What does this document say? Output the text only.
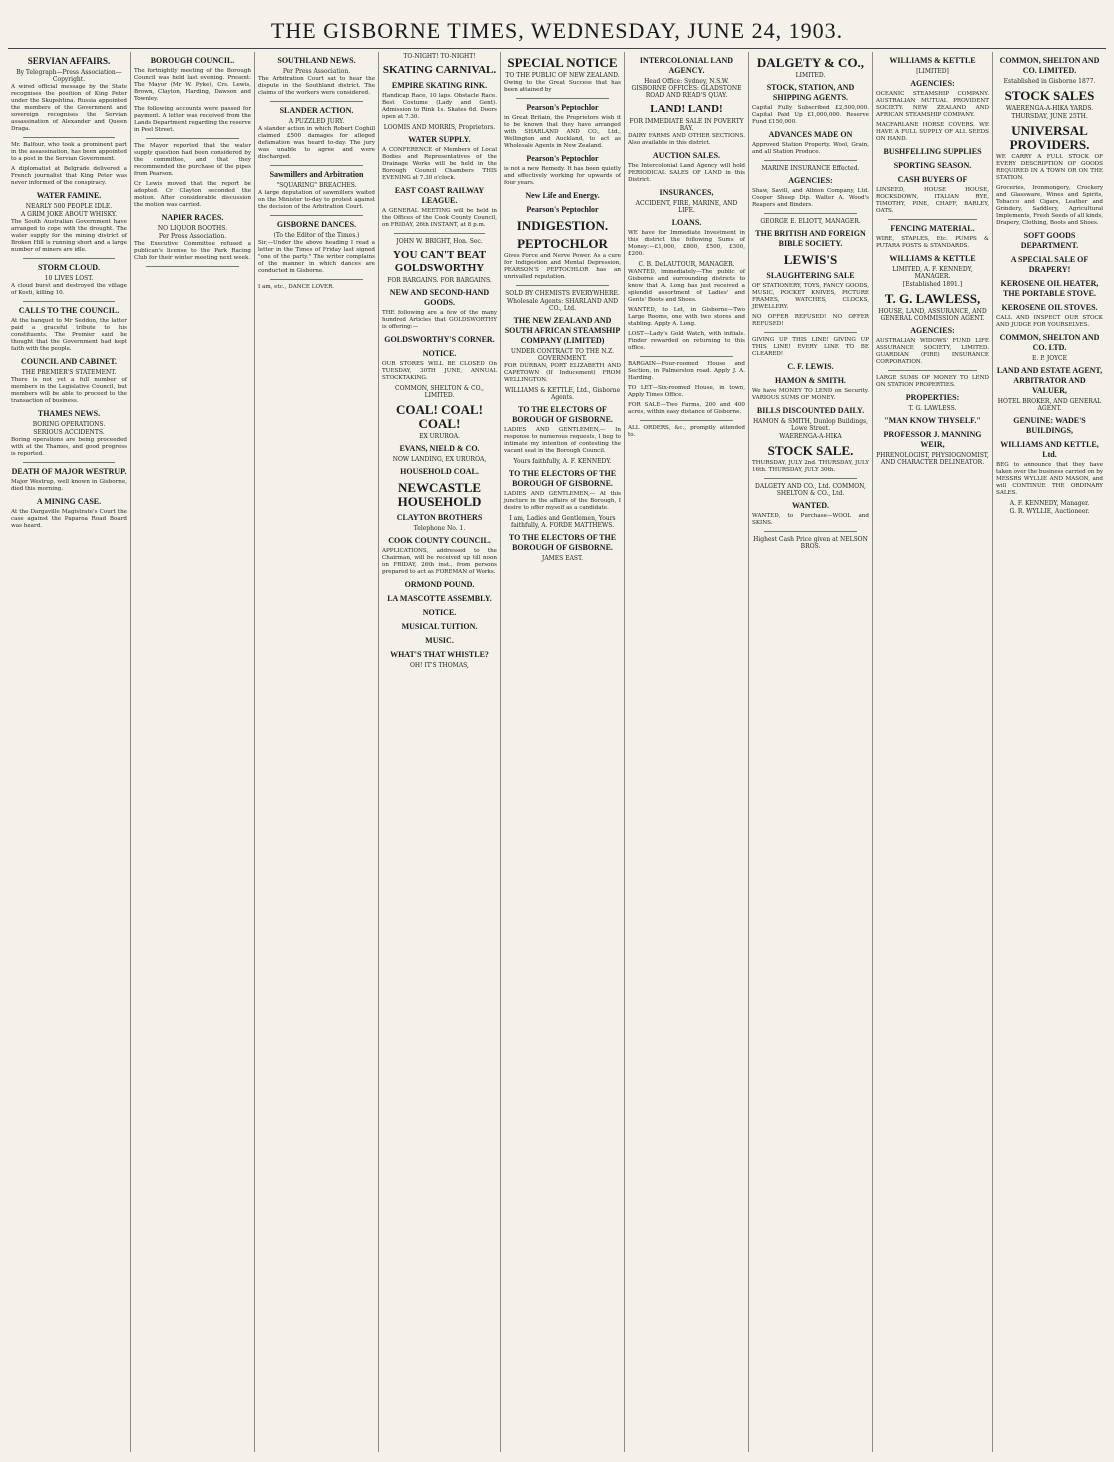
THE GISBORNE TIMES, WEDNESDAY, JUNE 24, 1903.
SERVIAN AFFAIRS.
By Telegraph—Press Association—Copyright.

A wired official message by the State recognises the position of King Peter under the Skupshtina. Russia appointed the members of the Government and sovereign recognises the Servian assassination of Alexander and Queen Draga.

Mr. Balfour, who took a prominent part in the assassination, has been appointed to a post in the Servian Government.

A diplomatist at Belgrade delivered a French journalist that King Peter was never informed of the conspiracy.

WATER FAMINE.
NEARLY 500 PEOPLE IDLE.
A GRIM JOKE ABOUT WHISKY.

The South Australian Government have arranged to cope with the drought. The water supply for the mining district of Broken Hill is running short and a large number of miners are idle.

STORM CLOUD.
10 LIVES LOST.

A cloud burst and destroyed the village of Kosti, killing 10.

CALLS TO THE COUNCIL.

At the banquet to Mr Seddon, the latter paid a graceful tribute to his constituents. The Premier said he thought that the Government had kept faith with the people.

COUNCIL AND CABINET.
THE PREMIER'S STATEMENT.

There is not yet a full number of members in the Legislative Council, but members will be able to proceed to the transaction of business.

THAMES NEWS.
BORING OPERATIONS.
SERIOUS ACCIDENTS.

Boring operations are being proceeded with at the Thames, and good progress is reported.

DEATH OF MAJOR WESTRUP.

Major Westrup, well known in Gisborne, died this morning.

A MINING CASE.

At the Dargaville Magistrate's Court the case against the Paparoa Road Board was heard.

BOROUGH COUNCIL.

The fortnightly meeting of the Borough Council was held last evening. Present: The Mayor (Mr W. Pyke), Crs. Lewis, Brown, Clayton, Harding, Dawson and Townley.

The following accounts were passed for payment. A letter was received from the Lands Department regarding the reserve in Peel Street.

The Mayor reported that the water supply question had been considered by the committee, and that they recommended the purchase of the pipes from Pearson.

Cr Lewis moved that the report be adopted. Cr Clayton seconded the motion. After considerable discussion the motion was carried.

NAPIER RACES.
NO LIQUOR BOOTHS.
Per Press Association.

The Executive Committee refused a publican's license to the Park Racing Club for their winter meeting next week.

SOUTHLAND NEWS.
Per Press Association.

The Arbitration Court sat to hear the dispute in the Southland district. The claims of the workers were considered.

SLANDER ACTION.
A PUZZLED JURY.

A slander action in which Robert Coghill claimed £500 damages for alleged defamation was heard to-day. The jury was unable to agree and were discharged.

Sawmillers and Arbitration
"SQUARING" BREACHES.

A large deputation of sawmillers waited on the Minister to-day to protest against the decision of the Arbitration Court.

GISBORNE DANCES.
(To the Editor of the Times.)

Sir,—Under the above heading I read a letter in the Times of Friday last signed "one of the party." The writer complains of the manner in which dances are conducted in Gisborne.

I am, etc., DANCE LOVER.

TO-NIGHT! TO-NIGHT!
SKATING CARNIVAL.
EMPIRE SKATING RINK.

Handicap Race, 10 laps. Obstacle Race. Best Costume (Lady and Gent). Admission to Rink 1s. Skates 6d. Doors open at 7.30.

LOOMIS AND MORRIS, Proprietors.
WATER SUPPLY.

A CONFERENCE of Members of Local Bodies and Representatives of the Drainage Works will be held in the Borough Council Chambers THIS EVENING at 7.30 o'clock.

EAST COAST RAILWAY LEAGUE.

A GENERAL MEETING will be held in the Offices of the Cook County Council, on FRIDAY, 26th INSTANT, at 8 p.m.

JOHN W. BRIGHT, Hon. Sec.
YOU CAN'T BEAT GOLDSWORTHY
FOR BARGAINS. FOR BARGAINS.
NEW AND SECOND-HAND GOODS.

THE following are a few of the many hundred Articles that GOLDSWORTHY is offering:—

GOLDSWORTHY'S CORNER.
NOTICE.

OUR STORES WILL BE CLOSED On TUESDAY, 30TH JUNE, ANNUAL STOCKTAKING.

COMMON, SHELTON & CO., LIMITED.
COAL! COAL! COAL!
EX URUROA.
EVANS, NIELD & CO.
NOW LANDING, EX URUROA,
HOUSEHOLD COAL.
NEWCASTLE HOUSEHOLD
CLAYTON BROTHERS
Telephone No. 1.
COOK COUNTY COUNCIL.

APPLICATIONS, addressed to the Chairman, will be received up till noon on FRIDAY, 26th inst., from persons prepared to act as FOREMAN of Works.

ORMOND POUND.
LA MASCOTTE ASSEMBLY.
NOTICE.
MUSICAL TUITION.
MUSIC.
WHAT'S THAT WHISTLE?
OH! IT'S THOMAS,
SPECIAL NOTICE
TO THE PUBLIC OF NEW ZEALAND.

Owing to the Great Success that has been attained by

Pearson's Peptochlor

in Great Britain, the Proprietors wish it to be known that they have arranged with SHARLAND AND CO., Ltd., Wellington and Auckland, to act as Wholesale Agents in New Zealand.

Pearson's Peptochlor

is not a new Remedy. It has been quietly and effectively working for upwards of four years.

New Life and Energy.
Pearson's Peptochlor
INDIGESTION.
PEPTOCHLOR

Gives Force and Nerve Power. As a cure for Indigestion and Mental Depression, PEARSON'S PEPTOCHLOR has an unrivalled reputation.

SOLD BY CHEMISTS EVERYWHERE.
Wholesale Agents: SHARLAND AND CO., Ltd.
THE NEW ZEALAND AND SOUTH AFRICAN STEAMSHIP COMPANY (LIMITED)
UNDER CONTRACT TO THE N.Z. GOVERNMENT.

FOR DURBAN, PORT ELIZABETH AND CAPETOWN (If Inducement) FROM WELLINGTON.

WILLIAMS & KETTLE, Ltd., Gisborne Agents.
TO THE ELECTORS OF BOROUGH OF GISBORNE.

LADIES AND GENTLEMEN,— In response to numerous requests, I beg to intimate my intention of contesting the vacant seat in the Borough Council.

Yours faithfully, A. F. KENNEDY.
TO THE ELECTORS OF THE BOROUGH OF GISBORNE.

LADIES AND GENTLEMEN,— At this juncture in the affairs of the Borough, I desire to offer myself as a candidate.

I am, Ladies and Gentlemen, Yours faithfully, A. FORDE MATTHEWS.
TO THE ELECTORS OF THE BOROUGH OF GISBORNE.
JAMES EAST.
INTERCOLONIAL LAND AGENCY.
Head Office: Sydney, N.S.W. GISBORNE OFFICES: GLADSTONE ROAD AND READ'S QUAY.
LAND! LAND!
FOR IMMEDIATE SALE IN POVERTY BAY.

DAIRY FARMS AND OTHER SECTIONS. Also available in this district.

AUCTION SALES.

The Intercolonial Land Agency will hold PERIODICAL SALES OF LAND in this District.

INSURANCES,
ACCIDENT, FIRE, MARINE, AND LIFE.
LOANS.

WE have for Immediate Investment in this district the following Sums of Money:—£1,000, £800, £500, £300, £200.

C. B. DeLAUTOUR, MANAGER.

WANTED, immediately—The public of Gisborne and surrounding districts to know that A. Long has just received a splendid assortment of Ladies' and Gents' Boots and Shoes.

WANTED, to Let, in Gisborne—Two Large Rooms, one with two stores and stabling. Apply A. Long.

LOST—Lady's Gold Watch, with initials. Finder rewarded on returning to this office.

BARGAIN—Four-roomed House and Section, in Palmerston road. Apply J. A. Harding.

TO LET—Six-roomed House, in town, Apply Times Office.

FOR SALE—Two Farms, 200 and 400 acres, within easy distance of Gisborne.

ALL ORDERS, &c., promptly attended to.

DALGETY & CO.,
LIMITED.
STOCK, STATION, AND SHIPPING AGENTS.

Capital Fully Subscribed £2,500,000. Capital Paid Up £1,000,000. Reserve Fund £150,000.

ADVANCES MADE ON

Approved Station Property. Wool, Grain, and all Station Produce.

MARINE INSURANCE Effected.
AGENCIES:

Shaw, Savill, and Albion Company, Ltd. Cooper Sheep Dip. Walter A. Wood's Reapers and Binders.

GEORGE E. ELIOTT, MANAGER.
THE BRITISH AND FOREIGN BIBLE SOCIETY.
LEWIS'S
SLAUGHTERING SALE

OF STATIONERY, TOYS, FANCY GOODS, MUSIC, POCKET KNIVES, PICTURE FRAMES, WATCHES, CLOCKS, JEWELLERY.

NO OFFER REFUSED! NO OFFER REFUSED!

GIVING UP THIS LINE! GIVING UP THIS LINE! EVERY LINE TO BE CLEARED!

C. F. LEWIS.
HAMON & SMITH.

We have MONEY TO LEND on Security. VARIOUS SUMS OF MONEY.

BILLS DISCOUNTED DAILY.
HAMON & SMITH, Dunlop Buildings, Lowe Street.
WAERENGA-A-HIKA
STOCK SALE.

THURSDAY, JULY 2nd. THURSDAY, JULY 16th. THURSDAY, JULY 30th.

DALGETY AND CO., Ltd. COMMON, SHELTON & CO., Ltd.
WANTED.

WANTED, to Purchase—WOOL and SKINS.

Highest Cash Price given at NELSON BROS.
WILLIAMS & KETTLE
[LIMITED]
AGENCIES:

OCEANIC STEAMSHIP COMPANY. AUSTRALIAN MUTUAL PROVIDENT SOCIETY. NEW ZEALAND AND AFRICAN STEAMSHIP COMPANY.

MACFARLANE HORSE COVERS. WE HAVE A FULL SUPPLY OF ALL SEEDS ON HAND.

BUSHFELLING SUPPLIES
SPORTING SEASON.
CASH BUYERS OF

LINSEED, HOUSE HOUSE, ROCKSDOWN, ITALIAN RYE, TIMOTHY, PINE, CHAFF, BARLEY, OATS.

FENCING MATERIAL.

WIRE, STAPLES, Etc. PUMPS & PUTARA POSTS & STANDARDS.

WILLIAMS & KETTLE
LIMITED, A. F. KENNEDY, MANAGER.
[Established 1891.]
T. G. LAWLESS,
HOUSE, LAND, ASSURANCE, AND GENERAL COMMISSION AGENT.
AGENCIES:

AUSTRALIAN WIDOWS' FUND LIFE ASSURANCE SOCIETY, LIMITED. GUARDIAN (FIRE) INSURANCE CORPORATION.

LARGE SUMS OF MONEY TO LEND ON STATION PROPERTIES.

PROPERTIES:
T. G. LAWLESS.
"MAN KNOW THYSELF."
PROFESSOR J. MANNING WEIR,
PHRENOLOGIST, PHYSIOGNOMIST, AND CHARACTER DELINEATOR.
COMMON, SHELTON AND CO. LIMITED.
Established in Gisborne 1877.
STOCK SALES
WAERENGA-A-HIKA YARDS.
THURSDAY, JUNE 25TH.
UNIVERSAL PROVIDERS.

WE CARRY A FULL STOCK OF EVERY DESCRIPTION OF GOODS REQUIRED IN A TOWN OR ON THE STATION.

Groceries, Ironmongery, Crockery and Glassware, Wines and Spirits, Tobacco and Cigars, Leather and Grindery, Saddlery, Agricultural Implements, Fresh Seeds of all kinds, Drapery, Clothing, Boots and Shoes.

SOFT GOODS DEPARTMENT.
A SPECIAL SALE OF DRAPERY!
KEROSENE OIL HEATER, THE PORTABLE STOVE.
KEROSENE OIL STOVES.

CALL AND INSPECT OUR STOCK AND JUDGE FOR YOURSELVES.

COMMON, SHELTON AND CO. LTD.
E. P. JOYCE
LAND AND ESTATE AGENT, ARBITRATOR AND VALUER,
HOTEL BROKER, AND GENERAL AGENT.
GENUINE: WADE'S BUILDINGS,
WILLIAMS AND KETTLE, Ltd.

BEG to announce that they have taken over the business carried on by MESSRS WYLLIE AND MASON, and will CONTINUE THE ORDINARY SALES.

A. F. KENNEDY, Manager.
G. R. WYLLIE, Auctioneer.
